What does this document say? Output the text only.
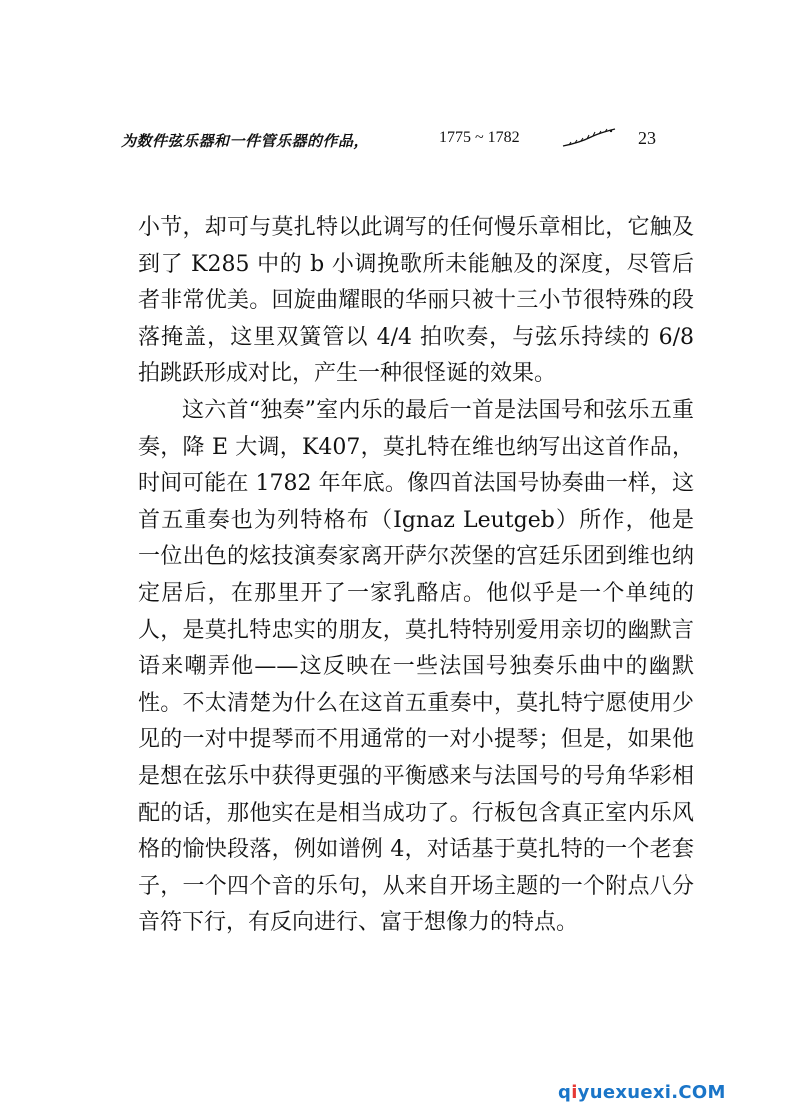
为数件弦乐器和一件管乐器的作品，	1775 ~ 1782	23

小节，却可与莫扎特以此调写的任何慢乐章相比，它触及到了 K285 中的 b 小调挽歌所未能触及的深度，尽管后者非常优美。回旋曲耀眼的华丽只被十三小节很特殊的段落掩盖，这里双簧管以 4/4 拍吹奏，与弦乐持续的 6/8 拍跳跃形成对比，产生一种很怪诞的效果。

这六首“独奏”室内乐的最后一首是法国号和弦乐五重奏，降 E 大调，K407，莫扎特在维也纳写出这首作品，时间可能在 1782 年年底。像四首法国号协奏曲一样，这首五重奏也为列特格布（Ignaz Leutgeb）所作，他是一位出色的炫技演奏家离开萨尔茨堡的宫廷乐团到维也纳定居后，在那里开了一家乳酪店。他似乎是一个单纯的人，是莫扎特忠实的朋友，莫扎特特别爱用亲切的幽默言语来嘲弄他——这反映在一些法国号独奏乐曲中的幽默性。不太清楚为什么在这首五重奏中，莫扎特宁愿使用少见的一对中提琴而不用通常的一对小提琴；但是，如果他是想在弦乐中获得更强的平衡感来与法国号的号角华彩相配的话，那他实在是相当成功了。行板包含真正室内乐风格的愉快段落，例如谱例 4，对话基于莫扎特的一个老套子，一个四个音的乐句，从来自开场主题的一个附点八分音符下行，有反向进行、富于想像力的特点。

qiyuexuexi.COM
